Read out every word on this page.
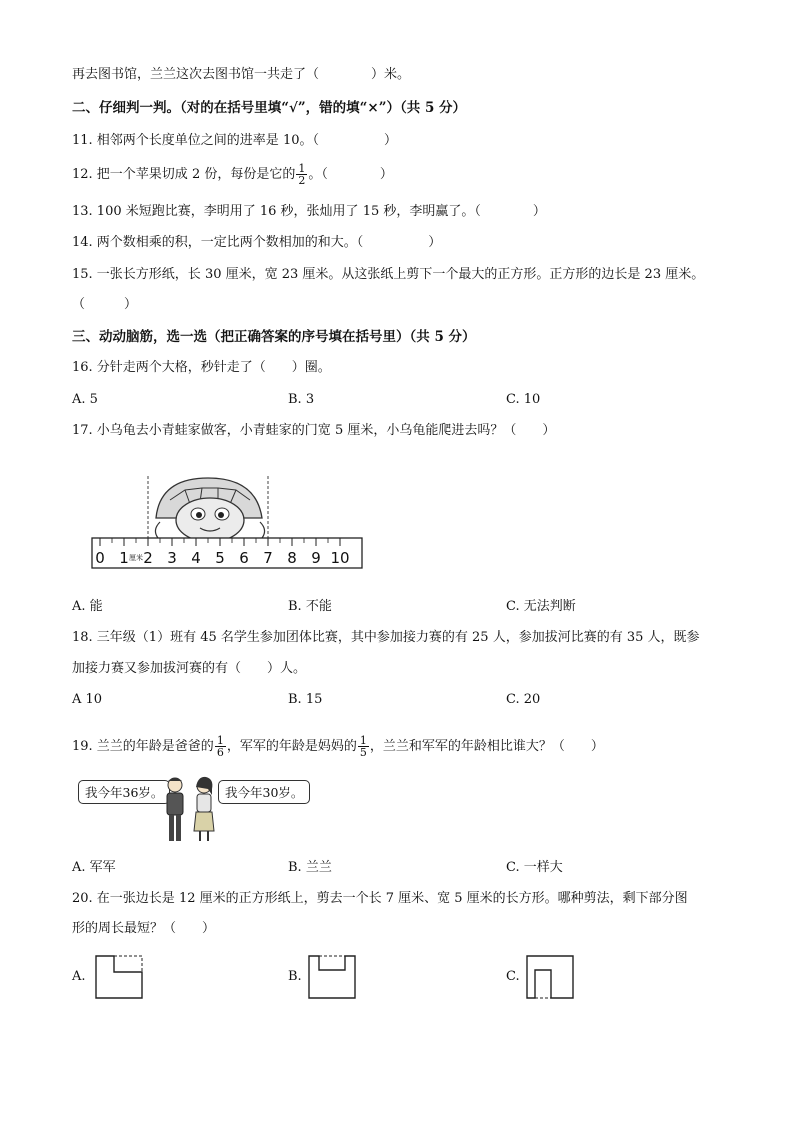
再去图书馆，兰兰这次去图书馆一共走了（　　　　）米。
二、仔细判一判。（对的在括号里填“√”，错的填“×”）（共 5 分）
11. 相邻两个长度单位之间的进率是 10。（　　　　　）
12. 把一个苹果切成 2 份，每份是它的 $\frac{1}{2}$ 。（　　　　）
13. 100 米短跑比赛，李明用了 16 秒，张灿用了 15 秒，李明赢了。（　　　　）
14. 两个数相乘的积，一定比两个数相加的和大。（　　　　　）
15. 一张长方形纸，长 30 厘米，宽 23 厘米。从这张纸上剪下一个最大的正方形。正方形的边长是 23 厘米。
（　　　）
三、动动脑筋，选一选（把正确答案的序号填在括号里）（共 5 分）
16. 分针走两个大格，秒针走了（　　）圈。
A. 5	B. 3	C. 10
17. 小乌龟去小青蛙家做客，小青蛙家的门宽 5 厘米，小乌龟能爬进去吗？（　　）
0 1 2 3 4 5 6 7 8 9 10
厘米
A. 能	B. 不能	C. 无法判断
18. 三年级（1）班有 45 名学生参加团体比赛，其中参加接力赛的有 25 人，参加拔河比赛的有 35 人，既参
加接力赛又参加拔河赛的有（　　）人。
A 10	B. 15	C. 20
19. 兰兰的年龄是爸爸的 $\frac{1}{6}$ ，军军的年龄是妈妈的 $\frac{1}{5}$ ，兰兰和军军的年龄相比谁大？（　　）
我今年36岁。	我今年30岁。
A. 军军	B. 兰兰	C. 一样大
20. 在一张边长是 12 厘米的正方形纸上，剪去一个长 7 厘米、宽 5 厘米的长方形。哪种剪法，剩下部分图
形的周长最短？（　　）
A.	B.	C.
